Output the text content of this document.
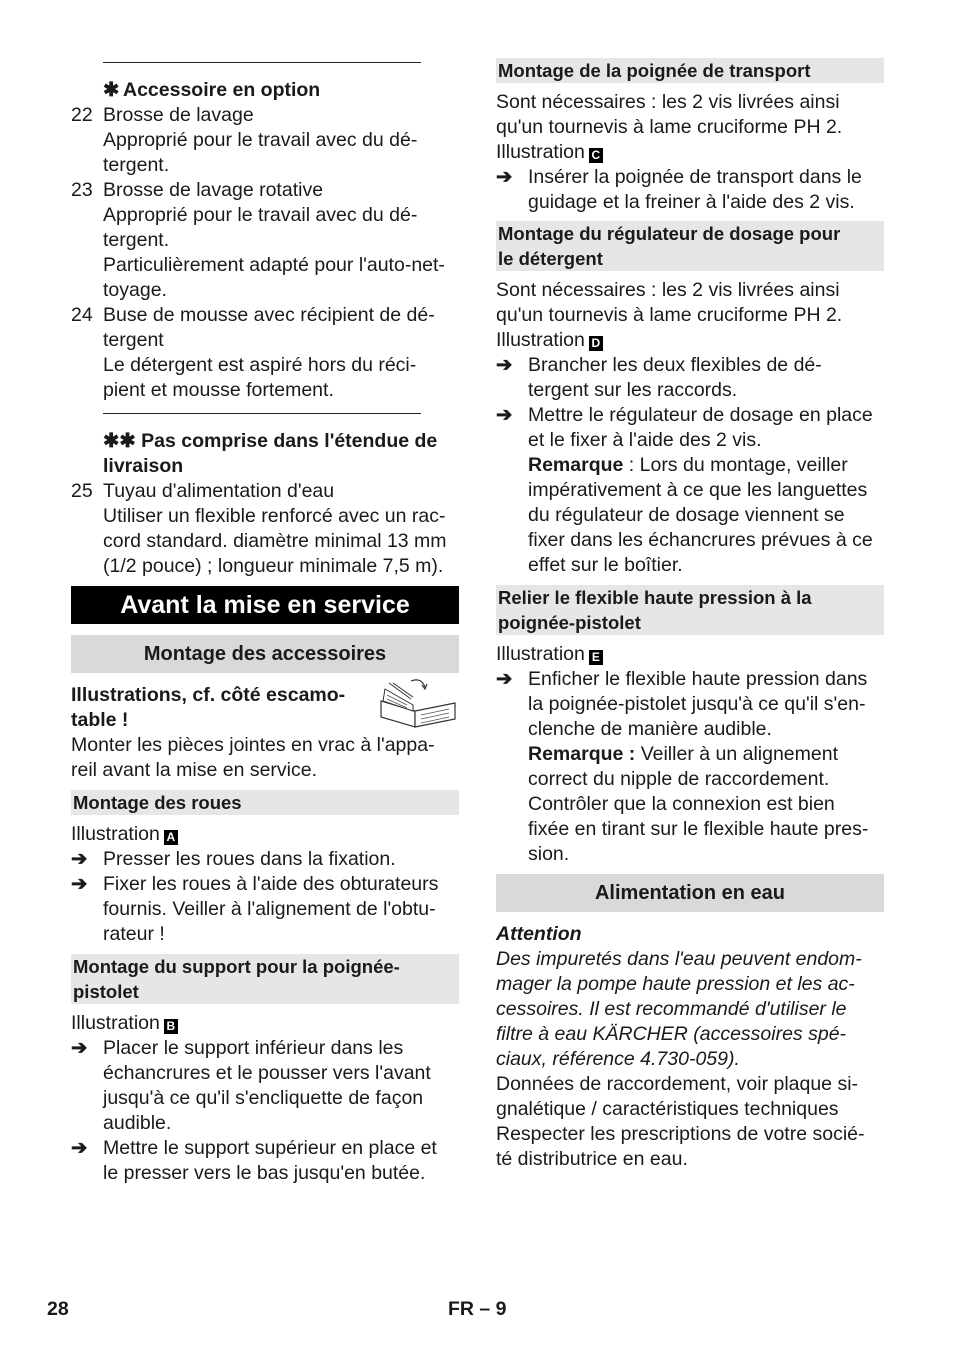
✱ Accessoire en option

22 Brosse de lavage
Approprié pour le travail avec du dé-
tergent.
23 Brosse de lavage rotative
Approprié pour le travail avec du dé-
tergent.
Particulièrement adapté pour l'auto-net-
toyage.
24 Buse de mousse avec récipient de dé-
tergent
Le détergent est aspiré hors du réci-
pient et mousse fortement.

✱✱ Pas comprise dans l'étendue de

livraison

25 Tuyau d'alimentation d'eau
Utiliser un flexible renforcé avec un rac-
cord standard. diamètre minimal 13 mm
(1/2 pouce) ; longueur minimale 7,5 m).
Avant la mise en service
Montage des accessoires

Illustrations, cf. côté escamo-

table !

Monter les pièces jointes en vrac à l'appa-

reil avant la mise en service.

Montage des roues

Illustration A

➔ Presser les roues dans la fixation.
➔ Fixer les roues à l'aide des obturateurs
fournis. Veiller à l'alignement de l'obtu-
rateur !
Montage du support pour la poignée-
pistolet

Illustration B

➔ Placer le support inférieur dans les
échancrures et le pousser vers l'avant
jusqu'à ce qu'il s'encliquette de façon
audible.
➔ Mettre le support supérieur en place et
le presser vers le bas jusqu'en butée.
Montage de la poignée de transport

Sont nécessaires : les 2 vis livrées ainsi

qu'un tournevis à lame cruciforme PH 2.

Illustration C

➔ Insérer la poignée de transport dans le
guidage et la freiner à l'aide des 2 vis.
Montage du régulateur de dosage pour
le détergent

Sont nécessaires : les 2 vis livrées ainsi

qu'un tournevis à lame cruciforme PH 2.

Illustration D

➔ Brancher les deux flexibles de dé-
tergent sur les raccords.
➔ Mettre le régulateur de dosage en place
et le fixer à l'aide des 2 vis.
Remarque : Lors du montage, veiller
impérativement à ce que les languettes
du régulateur de dosage viennent se
fixer dans les échancrures prévues à ce
effet sur le boîtier.
Relier le flexible haute pression à la
poignée-pistolet

Illustration E

➔ Enficher le flexible haute pression dans
la poignée-pistolet jusqu'à ce qu'il s'en-
clenche de manière audible.
Remarque : Veiller à un alignement
correct du nipple de raccordement.
Contrôler que la connexion est bien
fixée en tirant sur le flexible haute pres-
sion.
Alimentation en eau

Attention

Des impuretés dans l'eau peuvent endom-

mager la pompe haute pression et les ac-

cessoires. Il est recommandé d'utiliser le

filtre à eau KÄRCHER (accessoires spé-

ciaux, référence 4.730-059).

Données de raccordement, voir plaque si-

gnalétique / caractéristiques techniques

Respecter les prescriptions de votre socié-

té distributrice en eau.

28	FR – 9
